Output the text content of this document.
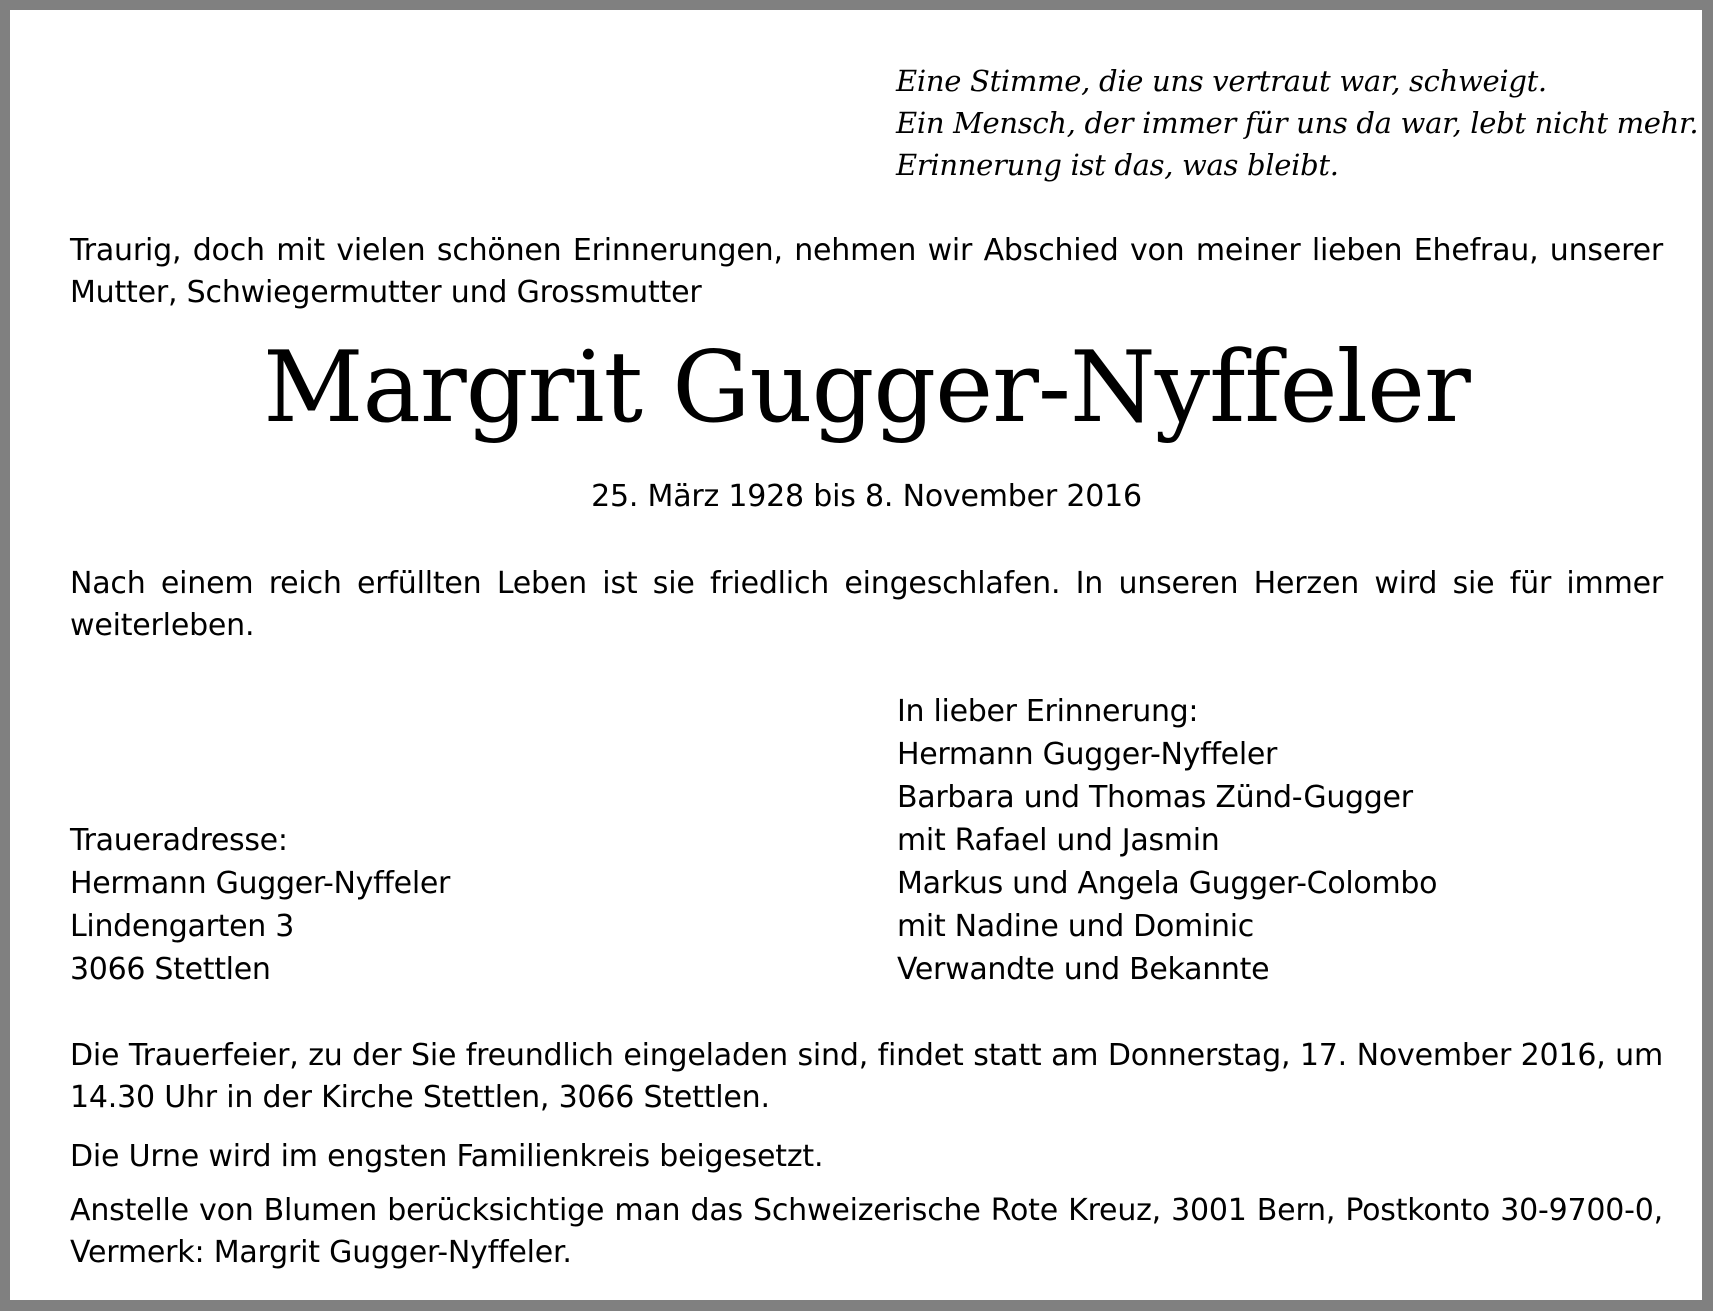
Eine Stimme, die uns vertraut war, schweigt.
Ein Mensch, der immer für uns da war, lebt nicht mehr.
Erinnerung ist das, was bleibt.

Traurig, doch mit vielen schönen Erinnerungen, nehmen wir Abschied von meiner lieben Ehefrau, unserer Mutter, Schwiegermutter und Grossmutter

Margrit Gugger-Nyffeler
25. März 1928 bis 8. November 2016

Nach einem reich erfüllten Leben ist sie friedlich eingeschlafen. In unseren Herzen wird sie für immer weiterleben.

In lieber Erinnerung:
Hermann Gugger-Nyffeler
Barbara und Thomas Zünd-Gugger
mit Rafael und Jasmin
Markus und Angela Gugger-Colombo
mit Nadine und Dominic
Verwandte und Bekannte
Traueradresse:
Hermann Gugger-Nyffeler
Lindengarten 3
3066 Stettlen

Die Trauerfeier, zu der Sie freundlich eingeladen sind, findet statt am Donnerstag, 17. November 2016, um 14.30 Uhr in der Kirche Stettlen, 3066 Stettlen.

Die Urne wird im engsten Familienkreis beigesetzt.

Anstelle von Blumen berücksichtige man das Schweizerische Rote Kreuz, 3001 Bern, Postkonto 30-9700-0, Vermerk: Margrit Gugger-Nyffeler.
